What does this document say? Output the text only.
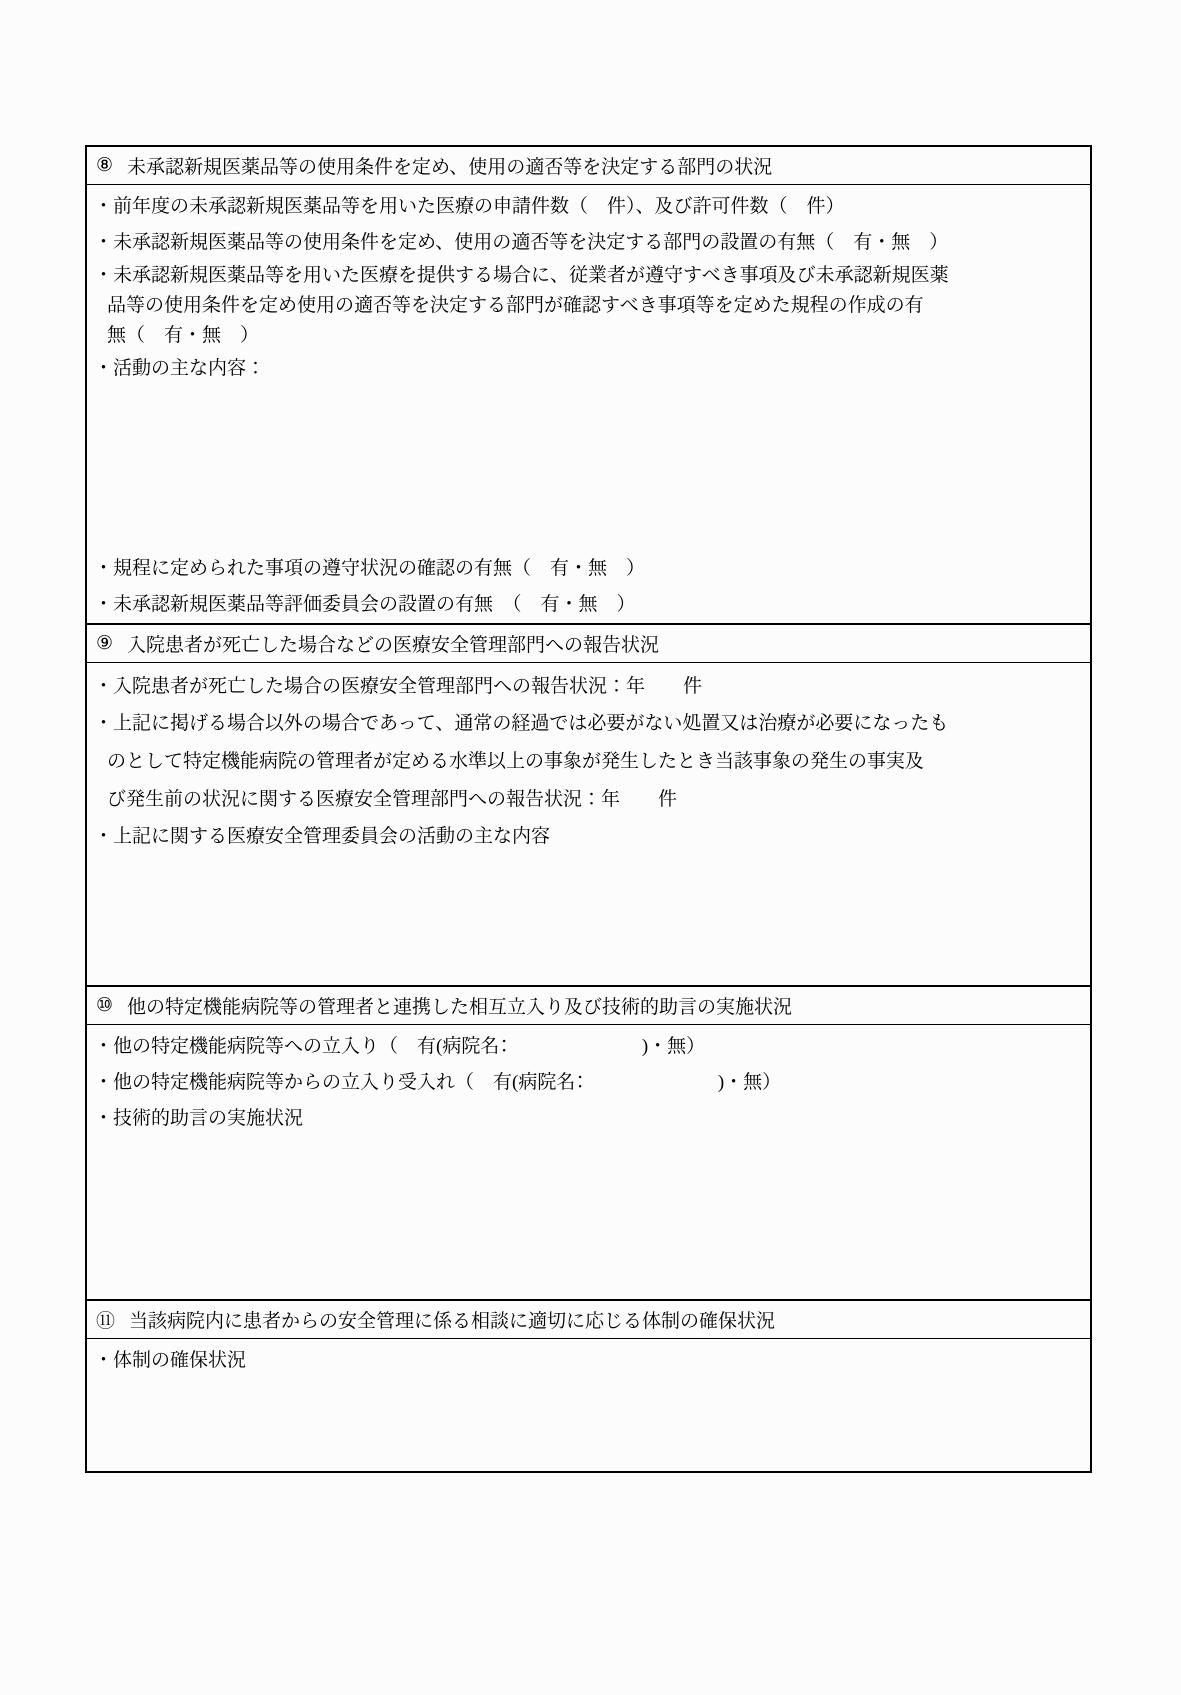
⑧ 未承認新規医薬品等の使用条件を定め、使用の適否等を決定する部門の状況
・前年度の未承認新規医薬品等を用いた医療の申請件数（　件）、及び許可件数（　件）
・未承認新規医薬品等の使用条件を定め、使用の適否等を決定する部門の設置の有無（　有・無　）
・未承認新規医薬品等を用いた医療を提供する場合に、従業者が遵守すべき事項及び未承認新規医薬
品等の使用条件を定め使用の適否等を決定する部門が確認すべき事項等を定めた規程の作成の有
無（　有・無　）
・活動の主な内容：
・規程に定められた事項の遵守状況の確認の有無（　有・無　）
・未承認新規医薬品等評価委員会の設置の有無　（　有・無　）
⑨ 入院患者が死亡した場合などの医療安全管理部門への報告状況
・入院患者が死亡した場合の医療安全管理部門への報告状況：年　　件
・上記に掲げる場合以外の場合であって、通常の経過では必要がない処置又は治療が必要になったも
のとして特定機能病院の管理者が定める水準以上の事象が発生したとき当該事象の発生の事実及
び発生前の状況に関する医療安全管理部門への報告状況：年　　件
・上記に関する医療安全管理委員会の活動の主な内容
⑩ 他の特定機能病院等の管理者と連携した相互立入り及び技術的助言の実施状況
・他の特定機能病院等への立入り（　有(病院名：　　　　　　　)・無）
・他の特定機能病院等からの立入り受入れ（　有(病院名：　　　　　　　)・無）
・技術的助言の実施状況
⑪ 当該病院内に患者からの安全管理に係る相談に適切に応じる体制の確保状況
・体制の確保状況
